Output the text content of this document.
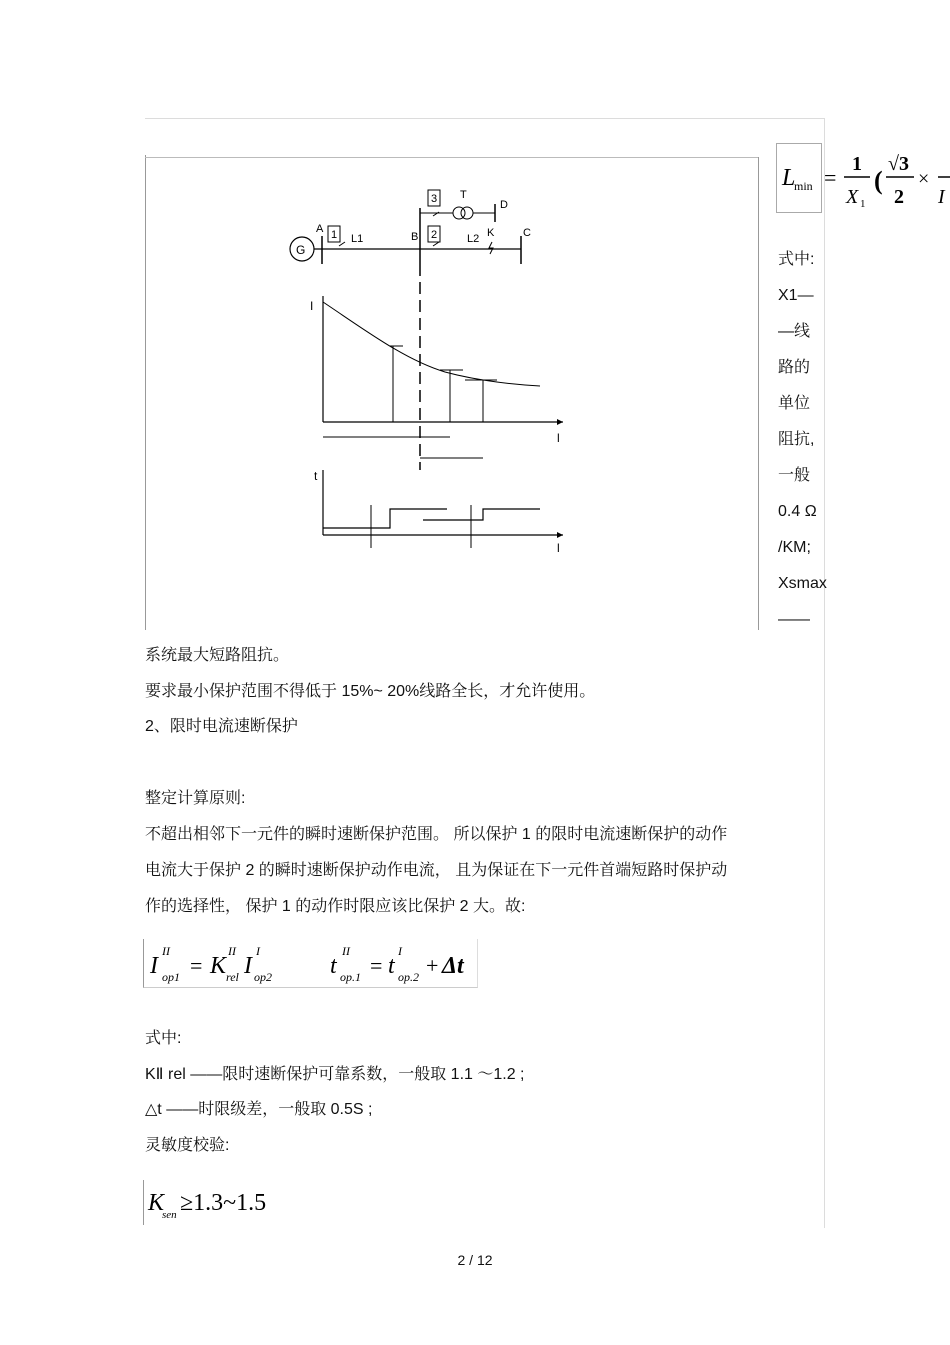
L
min =
1
X 1
(
√3
2
×
I
式中:
X1—
—线
路的
单位
阻抗,
一般
0.4 Ω
/KM;
Xsmax
——
G
A
B	C
1	2
3
L1	L2
T
D
K
I
l
t
l
系统最大短路阻抗。
要求最小保护范围不得低于 15%~ 20%线路全长，才允许使用。
2、限时电流速断保护
整定计算原则:
不超出相邻下一元件的瞬时速断保护范围。 所以保护 1 的限时电流速断保护的动作
电流大于保护 2 的瞬时速断保护动作电流， 且为保证在下一元件首端短路时保护动
作的选择性， 保护 1 的动作时限应该比保护 2 大。故:
I
II
op1 = K
II
rel I
I
op2 t
II
op.1 = t
I
op.2 + Δt
式中:
KⅡ rel ——限时速断保护可靠系数，一般取 1.1 ～1.2 ;
△t ——时限级差，一般取 0.5S ;
灵敏度校验:
K
sen ≥1.3~1.5
2 / 12
